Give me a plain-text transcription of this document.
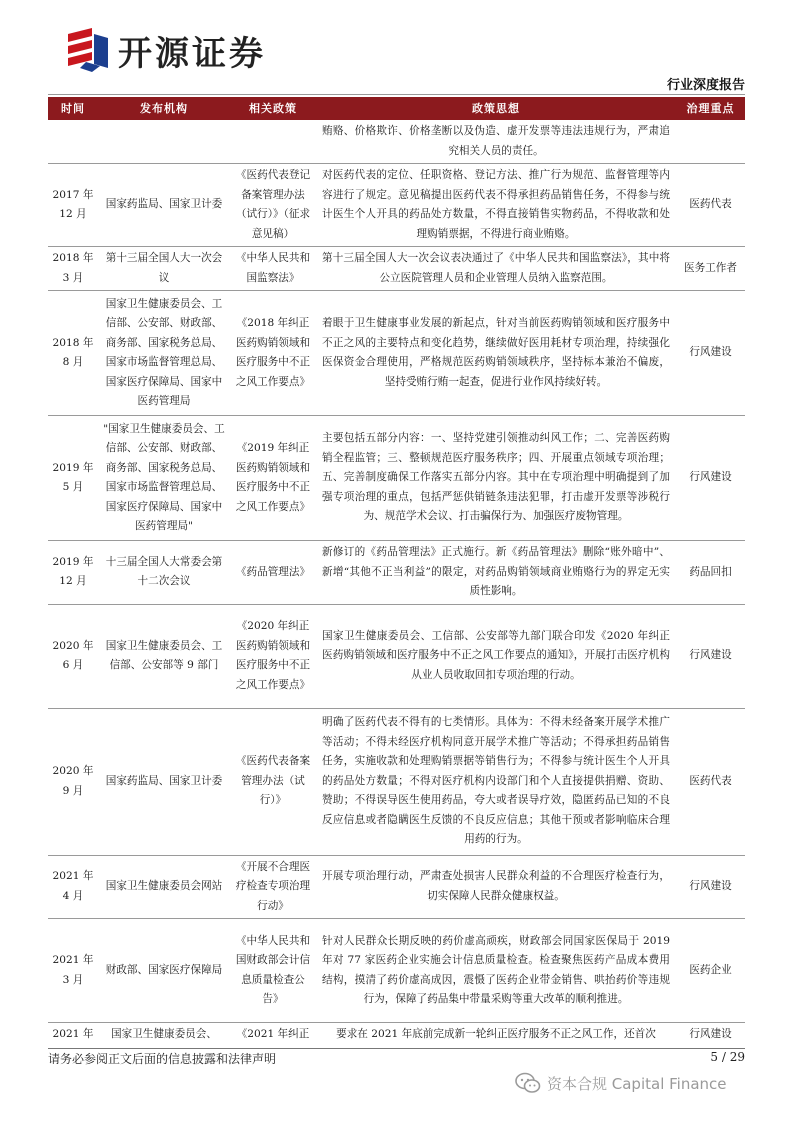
开源证券
行业深度报告
时间	发布机构	相关政策	政策思想	治理重点
			贿赂、价格欺诈、价格垄断以及伪造、虚开发票等违法违规行为，严肃追究相关人员的责任。	
2017 年 12 月	国家药监局、国家卫计委	《医药代表登记备案管理办法（试行）》（征求意见稿）	对医药代表的定位、任职资格、登记方法、推广行为规范、监督管理等内容进行了规定。意见稿提出医药代表不得承担药品销售任务，不得参与统计医生个人开具的药品处方数量，不得直接销售实物药品，不得收款和处理购销票据，不得进行商业贿赂。	医药代表
2018 年 3 月	第十三届全国人大一次会议	《中华人民共和国监察法》	第十三届全国人大一次会议表决通过了《中华人民共和国监察法》，其中将公立医院管理人员和企业管理人员纳入监察范围。	医务工作者
2018 年 8 月	国家卫生健康委员会、工信部、公安部、财政部、商务部、国家税务总局、国家市场监督管理总局、国家医疗保障局、国家中医药管理局	《2018 年纠正医药购销领域和医疗服务中不正之风工作要点》	着眼于卫生健康事业发展的新起点，针对当前医药购销领域和医疗服务中不正之风的主要特点和变化趋势，继续做好医用耗材专项治理，持续强化医保资金合理使用，严格规范医药购销领域秩序，坚持标本兼治不偏废，坚持受贿行贿一起查，促进行业作风持续好转。	行风建设
2019 年 5 月	"国家卫生健康委员会、工信部、公安部、财政部、商务部、国家税务总局、国家市场监督管理总局、国家医疗保障局、国家中医药管理局"	《2019 年纠正医药购销领域和医疗服务中不正之风工作要点》	主要包括五部分内容：一、坚持党建引领推动纠风工作；二、完善医药购销全程监管；三、整顿规范医疗服务秩序；四、开展重点领域专项治理；五、完善制度确保工作落实五部分内容。其中在专项治理中明确提到了加强专项治理的重点，包括严惩供销链条违法犯罪，打击虚开发票等涉税行为、规范学术会议、打击骗保行为、加强医疗废物管理。	行风建设
2019 年 12 月	十三届全国人大常委会第十二次会议	《药品管理法》	新修订的《药品管理法》正式施行。新《药品管理法》删除“账外暗中”、新增“其他不正当利益”的限定，对药品购销领域商业贿赂行为的界定无实质性影响。	药品回扣
2020 年 6 月	国家卫生健康委员会、工信部、公安部等 9 部门	《2020 年纠正医药购销领域和医疗服务中不正之风工作要点》	国家卫生健康委员会、工信部、公安部等九部门联合印发《2020 年纠正医药购销领域和医疗服务中不正之风工作要点的通知》，开展打击医疗机构从业人员收取回扣专项治理的行动。	行风建设
2020 年 9 月	国家药监局、国家卫计委	《医药代表备案管理办法（试行）》	明确了医药代表不得有的七类情形。具体为：不得未经备案开展学术推广等活动；不得未经医疗机构同意开展学术推广等活动；不得承担药品销售任务，实施收款和处理购销票据等销售行为；不得参与统计医生个人开具的药品处方数量；不得对医疗机构内设部门和个人直接提供捐赠、资助、赞助；不得误导医生使用药品，夸大或者误导疗效，隐匿药品已知的不良反应信息或者隐瞒医生反馈的不良反应信息；其他干预或者影响临床合理用药的行为。	医药代表
2021 年 4 月	国家卫生健康委员会网站	《开展不合理医疗检查专项治理行动》	开展专项治理行动，严肃查处损害人民群众利益的不合理医疗检查行为，切实保障人民群众健康权益。	行风建设
2021 年 3 月	财政部、国家医疗保障局	《中华人民共和国财政部会计信息质量检查公告》	针对人民群众长期反映的药价虚高顽疾，财政部会同国家医保局于 2019 年对 77 家医药企业实施会计信息质量检查。检查聚焦医药产品成本费用结构，摸清了药价虚高成因，震慑了医药企业带金销售、哄抬药价等违规行为，保障了药品集中带量采购等重大改革的顺利推进。	医药企业
2021 年	国家卫生健康委员会、	《2021 年纠正	要求在 2021 年底前完成新一轮纠正医疗服务不正之风工作，还首次	行风建设
请务必参阅正文后面的信息披露和法律声明	5 / 29
资本合规 Capital Finance
